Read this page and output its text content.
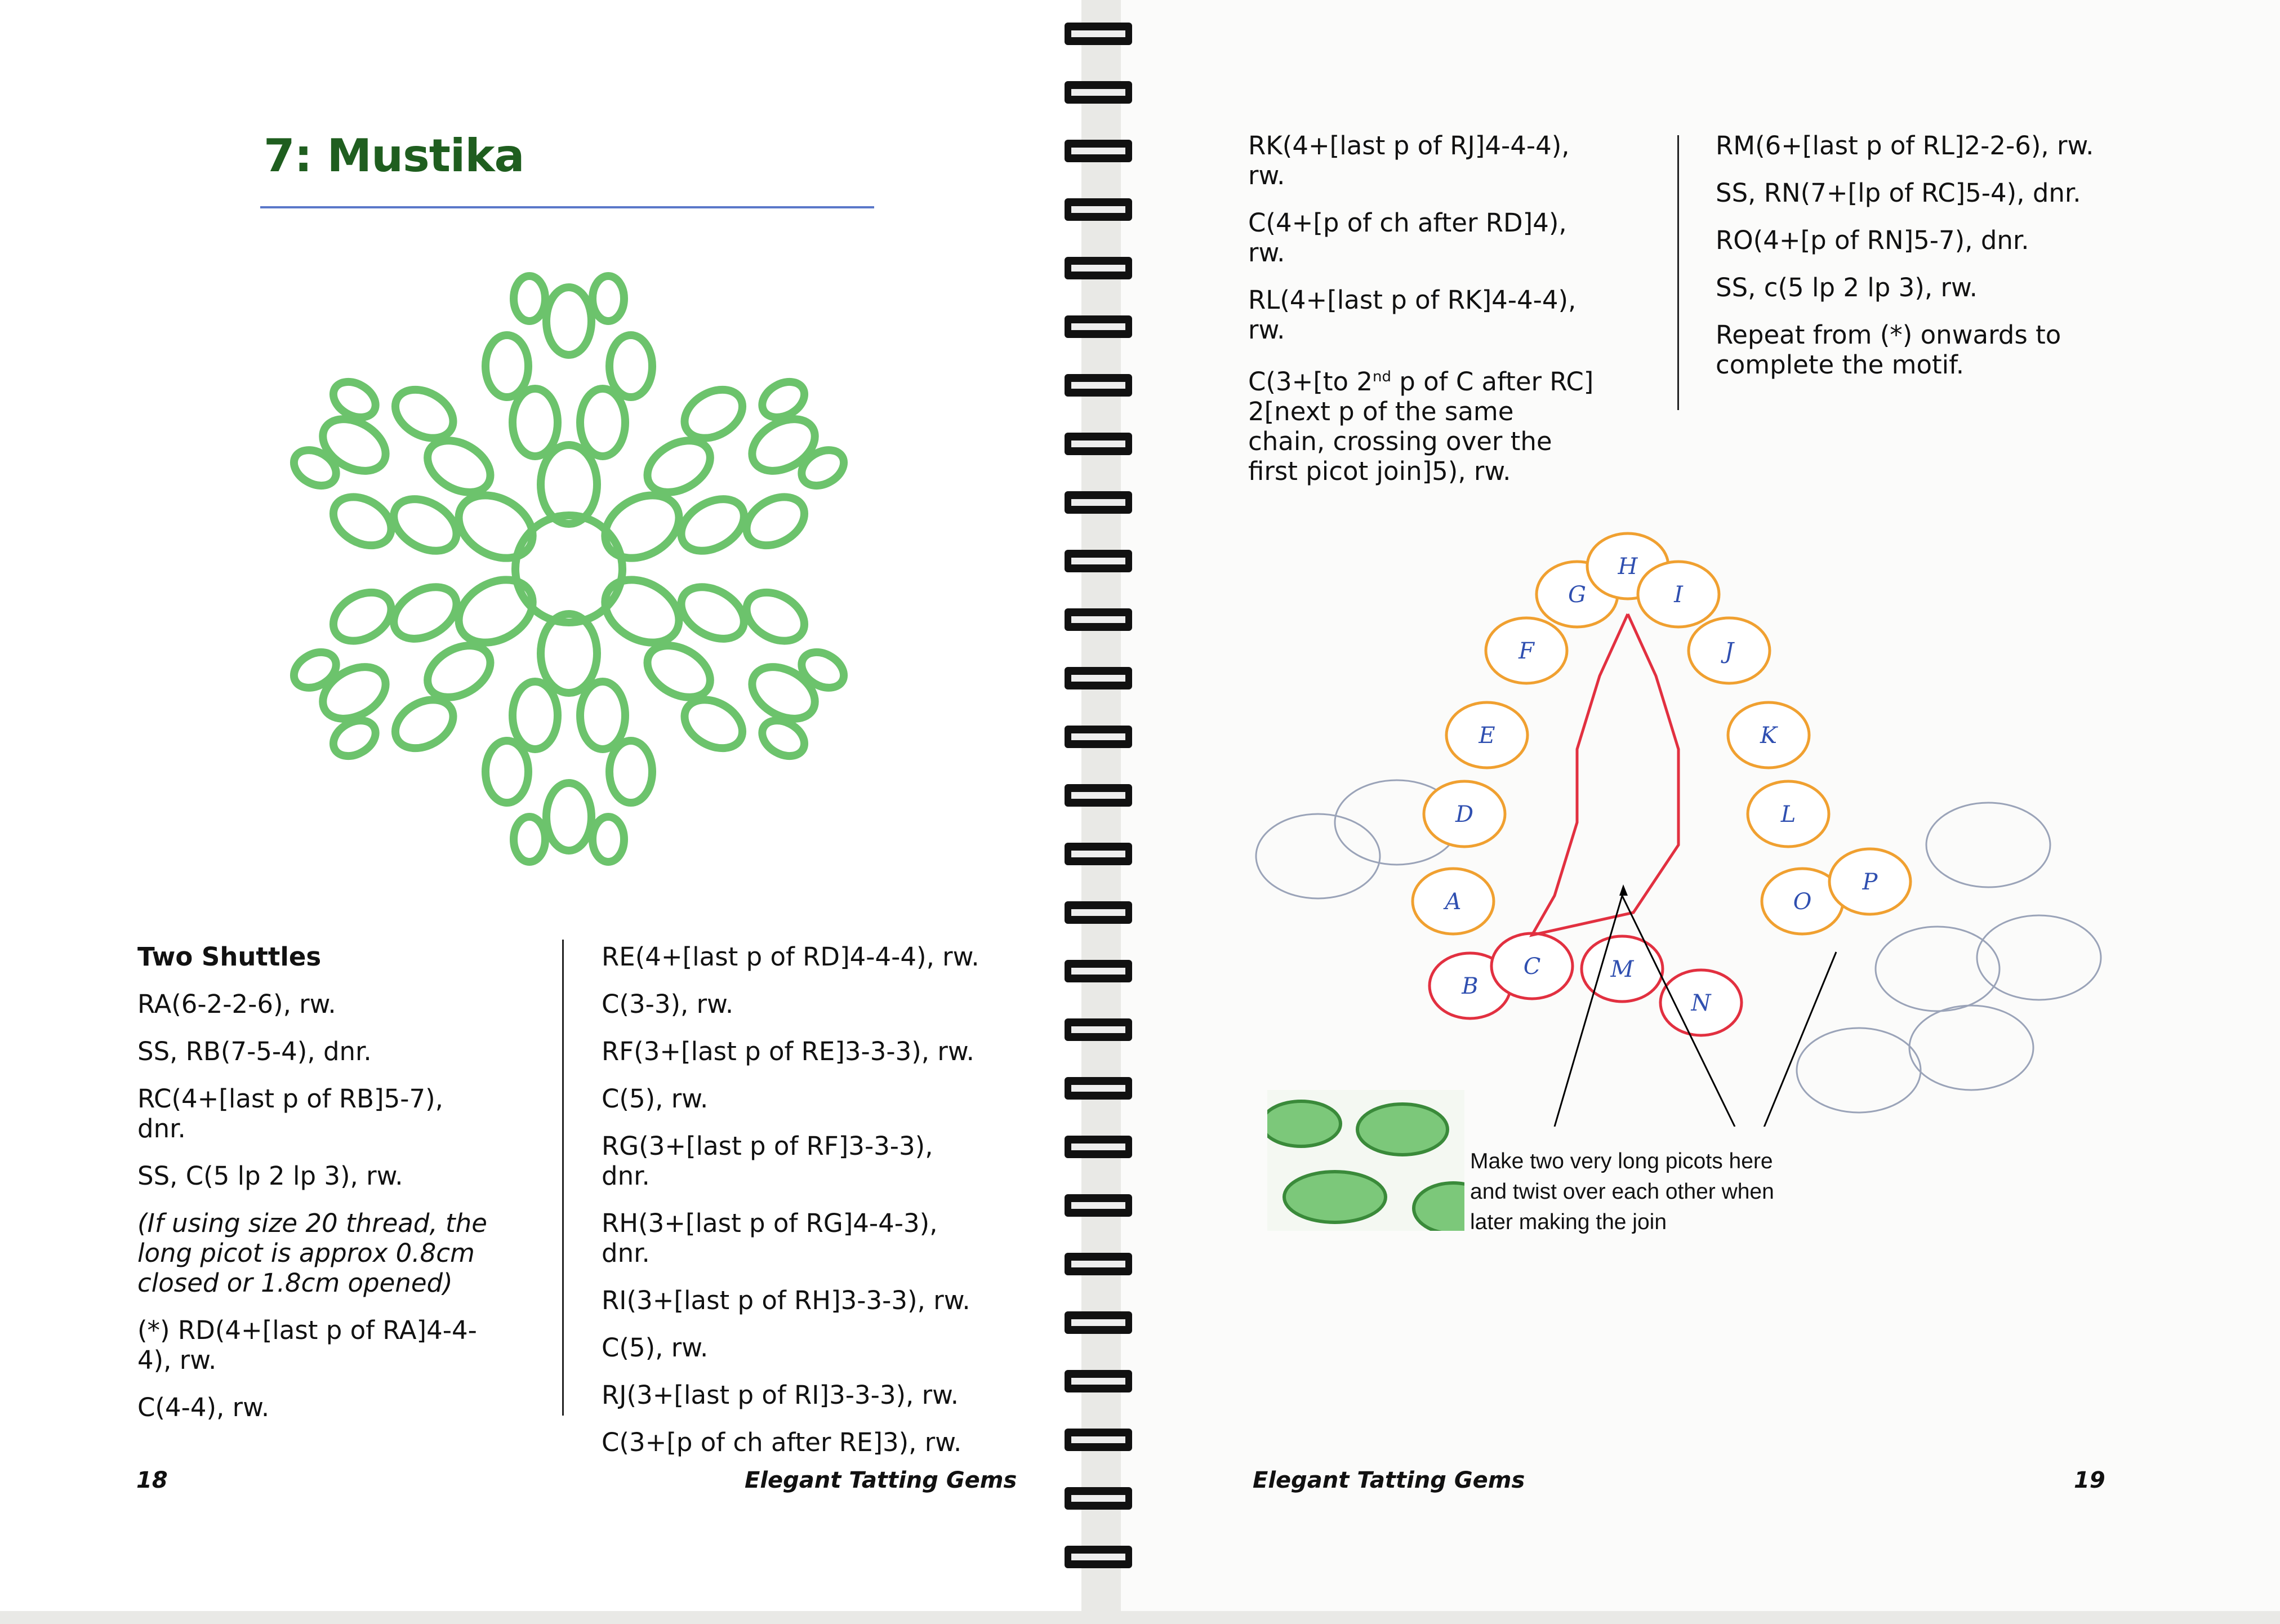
7: Mustika

Two Shuttles

RA(6-2-2-6), rw.

SS, RB(7-5-4), dnr.

RC(4+[last p of RB]5-7), dnr.

SS, C(5 lp 2 lp 3), rw.

(If using size 20 thread, the long picot is approx 0.8cm closed or 1.8cm opened)

(*) RD(4+[last p of RA]4-4-4), rw.

C(4-4), rw.

RE(4+[last p of RD]4-4-4), rw.

C(3-3), rw.

RF(3+[last p of RE]3-3-3), rw.

C(5), rw.

RG(3+[last p of RF]3-3-3), dnr.

RH(3+[last p of RG]4-4-3), dnr.

RI(3+[last p of RH]3-3-3), rw.

C(5), rw.

RJ(3+[last p of RI]3-3-3), rw.

C(3+[p of ch after RE]3), rw.

18	Elegant Tatting Gems

RK(4+[last p of RJ]4-4-4), rw.

C(4+[p of ch after RD]4), rw.

RL(4+[last p of RK]4-4-4), rw.

C(3+[to 2nd p of C after RC] 2[next p of the same chain, crossing over the first picot join]5), rw.

RM(6+[last p of RL]2-2-6), rw.

SS, RN(7+[lp of RC]5-4), dnr.

RO(4+[p of RN]5-7), dnr.

SS, c(5 lp 2 lp 3), rw.

Repeat from (*) onwards to complete the motif.

Elegant Tatting Gems	19
A
B
C
D
E
F
G
H
I
J
K
L
M
N
O
P
Make two very long picots here
and twist over each other when
later making the join
